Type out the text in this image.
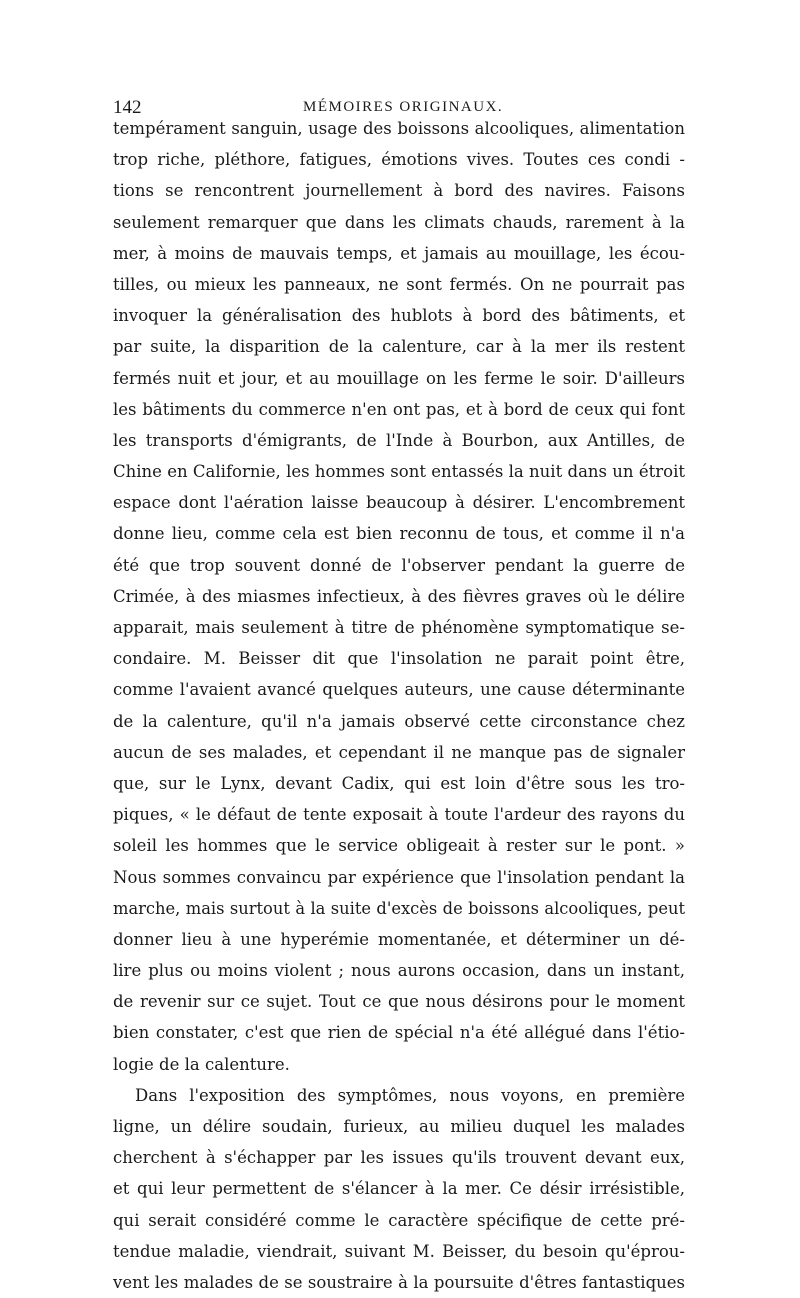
142	MÉMOIRES ORIGINAUX.
tempérament sanguin, usage des boissons alcooliques, alimentation
trop riche, pléthore, fatigues, émotions vives. Toutes ces condi -
tions se rencontrent journellement à bord des navires. Faisons
seulement remarquer que dans les climats chauds, rarement à la
mer, à moins de mauvais temps, et jamais au mouillage, les écou-
tilles, ou mieux les panneaux, ne sont fermés. On ne pourrait pas
invoquer la généralisation des hublots à bord des bâtiments, et
par suite, la disparition de la calenture, car à la mer ils restent
fermés nuit et jour, et au mouillage on les ferme le soir. D'ailleurs
les bâtiments du commerce n'en ont pas, et à bord de ceux qui font
les transports d'émigrants, de l'Inde à Bourbon, aux Antilles, de
Chine en Californie, les hommes sont entassés la nuit dans un étroit
espace dont l'aération laisse beaucoup à désirer. L'encombrement
donne lieu, comme cela est bien reconnu de tous, et comme il n'a
été que trop souvent donné de l'observer pendant la guerre de
Crimée, à des miasmes infectieux, à des fièvres graves où le délire
apparait, mais seulement à titre de phénomène symptomatique se-
condaire. M. Beisser dit que l'insolation ne parait point être,
comme l'avaient avancé quelques auteurs, une cause déterminante
de la calenture, qu'il n'a jamais observé cette circonstance chez
aucun de ses malades, et cependant il ne manque pas de signaler
que, sur le Lynx, devant Cadix, qui est loin d'être sous les tro-
piques, « le défaut de tente exposait à toute l'ardeur des rayons du
soleil les hommes que le service obligeait à rester sur le pont. »
Nous sommes convaincu par expérience que l'insolation pendant la
marche, mais surtout à la suite d'excès de boissons alcooliques, peut
donner lieu à une hyperémie momentanée, et déterminer un dé-
lire plus ou moins violent ; nous aurons occasion, dans un instant,
de revenir sur ce sujet. Tout ce que nous désirons pour le moment
bien constater, c'est que rien de spécial n'a été allégué dans l'étio-
logie de la calenture.
Dans l'exposition des symptômes, nous voyons, en première
ligne, un délire soudain, furieux, au milieu duquel les malades
cherchent à s'échapper par les issues qu'ils trouvent devant eux,
et qui leur permettent de s'élancer à la mer. Ce désir irrésistible,
qui serait considéré comme le caractère spécifique de cette pré-
tendue maladie, viendrait, suivant M. Beisser, du besoin qu'éprou-
vent les malades de se soustraire à la poursuite d'êtres fantastiques
